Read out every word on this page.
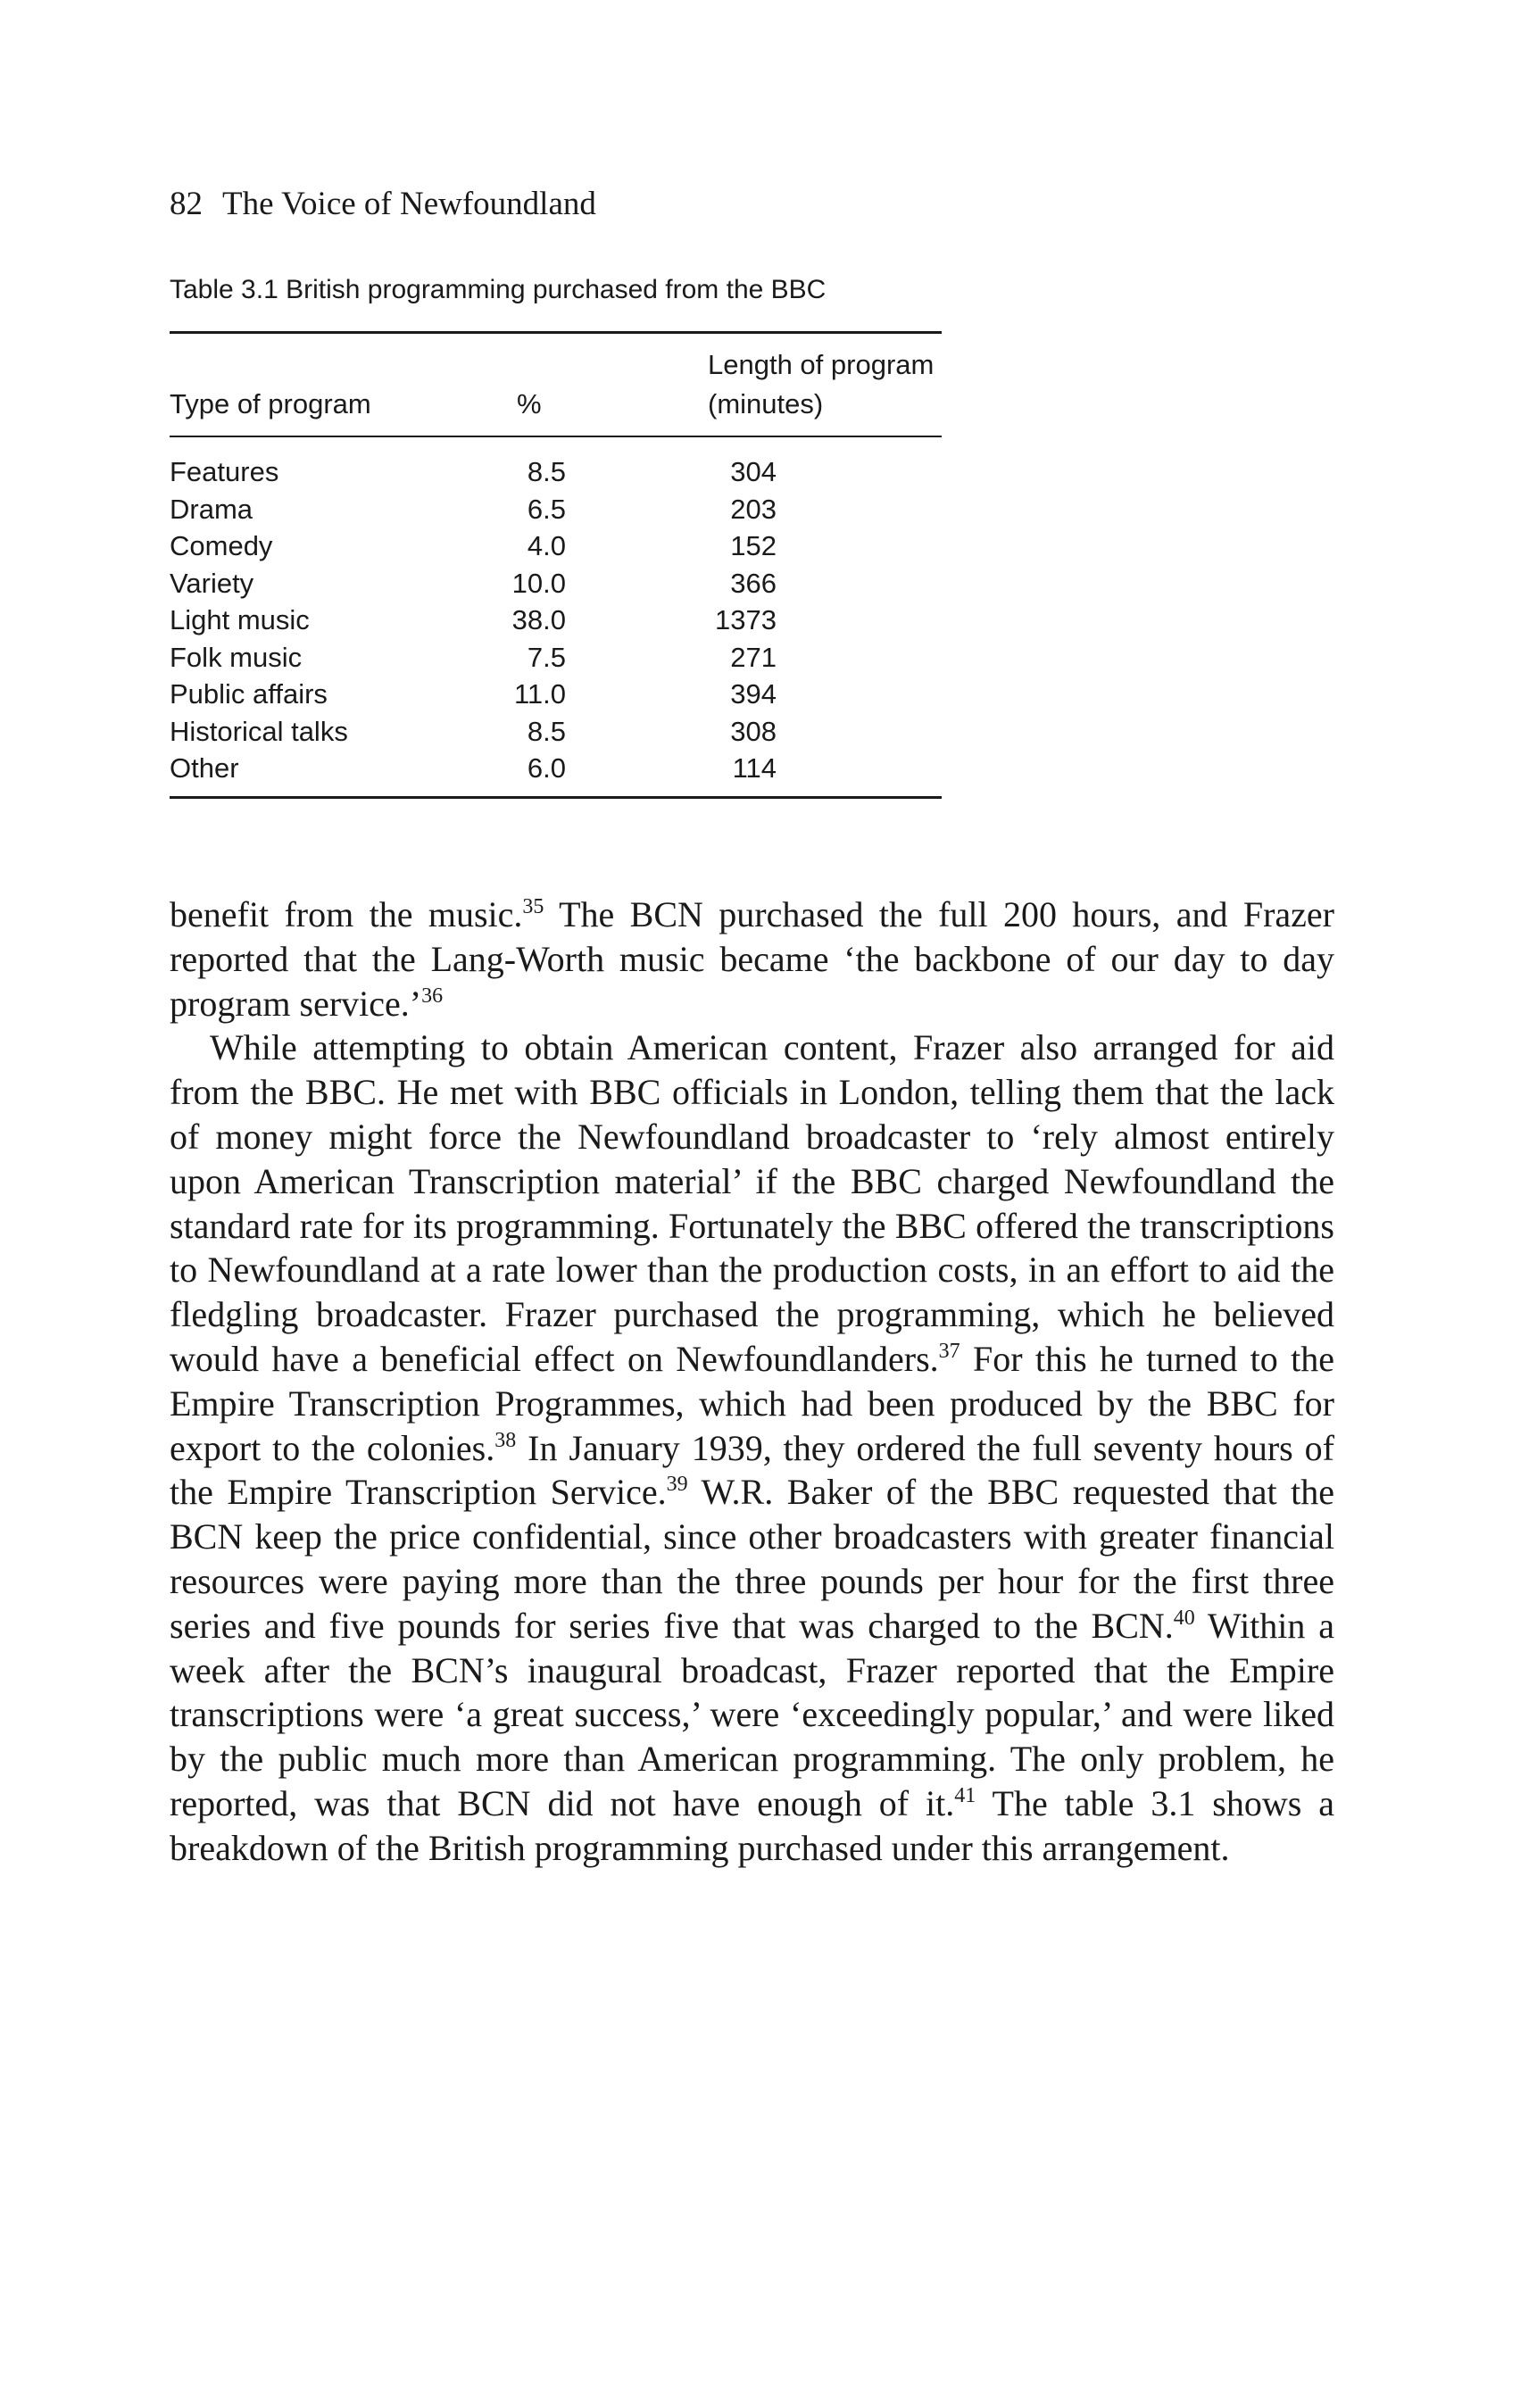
82 The Voice of Newfoundland

Table 3.1 British programming purchased from the BBC

Type of program	%	Length of program
(minutes)

Features	8.5	304
Drama	6.5	203
Comedy	4.0	152
Variety	10.0	366
Light music	38.0	1373
Folk music	7.5	271
Public affairs	11.0	394
Historical talks	8.5	308
Other	6.0	114

benefit from the music.$^{35}$ The BCN purchased the full 200 hours, and Frazer reported that the Lang-Worth music became ‘the backbone of our day to day program service.’$^{36}$

While attempting to obtain American content, Frazer also arranged for aid from the BBC. He met with BBC officials in London, telling them that the lack of money might force the Newfoundland broadcaster to ‘rely almost entirely upon American Transcription material’ if the BBC charged Newfoundland the standard rate for its programming. Fortunately the BBC offered the transcriptions to Newfoundland at a rate lower than the production costs, in an effort to aid the fledgling broadcaster. Frazer purchased the programming, which he believed would have a beneficial effect on Newfoundlanders.$^{37}$ For this he turned to the Empire Transcription Programmes, which had been produced by the BBC for export to the colonies.$^{38}$ In January 1939, they ordered the full seventy hours of the Empire Transcription Service.$^{39}$ W.R. Baker of the BBC requested that the BCN keep the price confidential, since other broadcasters with greater financial resources were paying more than the three pounds per hour for the first three series and five pounds for series five that was charged to the BCN.$^{40}$ Within a week after the BCN’s inaugural broadcast, Frazer reported that the Empire transcriptions were ‘a great success,’ were ‘exceedingly popular,’ and were liked by the public much more than American programming. The only problem, he reported, was that BCN did not have enough of it.$^{41}$ The table 3.1 shows a breakdown of the British programming purchased under this arrangement.
